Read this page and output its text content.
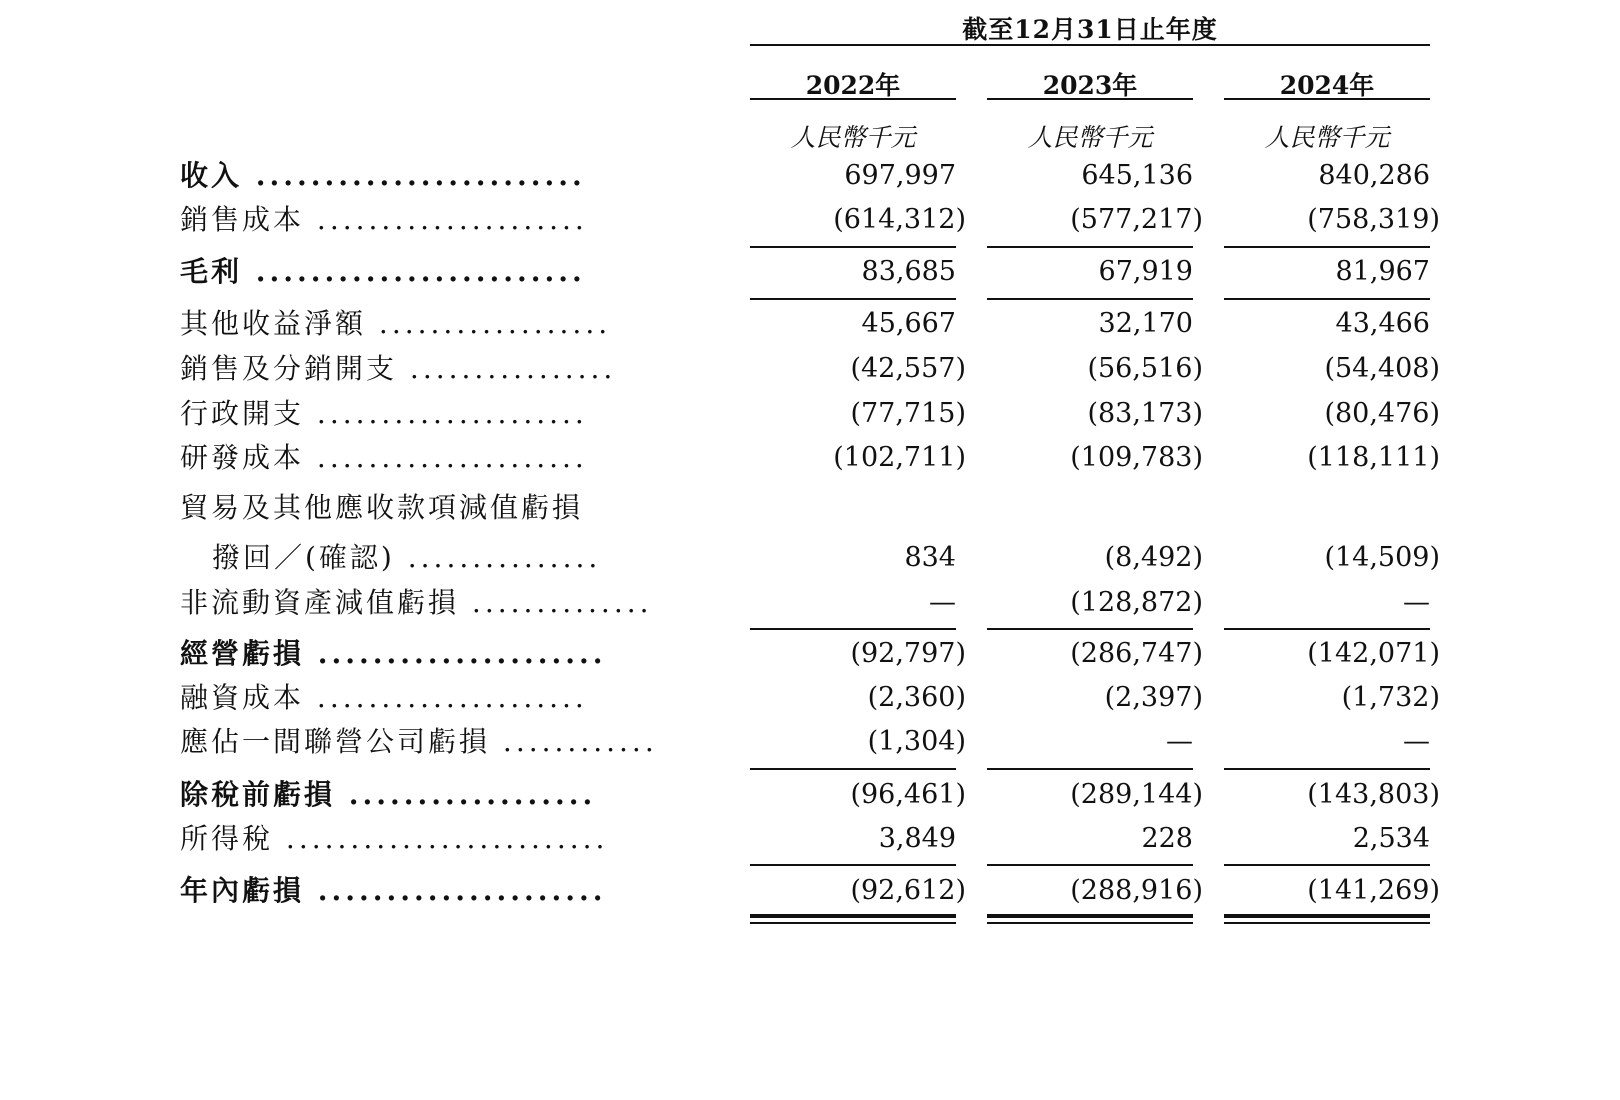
截至12月31日止年度
2022年	2023年	2024年
人民幣千元	人民幣千元	人民幣千元
收入 ........................	697,997	645,136	840,286
銷售成本 .....................	(614,312)	(577,217)	(758,319)
毛利 ........................	83,685	67,919	81,967
其他收益淨額 ..................	45,667	32,170	43,466
銷售及分銷開支 ................	(42,557)	(56,516)	(54,408)
行政開支 .....................	(77,715)	(83,173)	(80,476)
研發成本 .....................	(102,711)	(109,783)	(118,111)
貿易及其他應收款項減值虧損
撥回／(確認) ...............	834	(8,492)	(14,509)
非流動資產減值虧損 ..............	—	(128,872)	—
經營虧損 .....................	(92,797)	(286,747)	(142,071)
融資成本 .....................	(2,360)	(2,397)	(1,732)
應佔一間聯營公司虧損 ............	(1,304)	—	—
除稅前虧損 ..................	(96,461)	(289,144)	(143,803)
所得稅 .........................	3,849	228	2,534
年內虧損 .....................	(92,612)	(288,916)	(141,269)
